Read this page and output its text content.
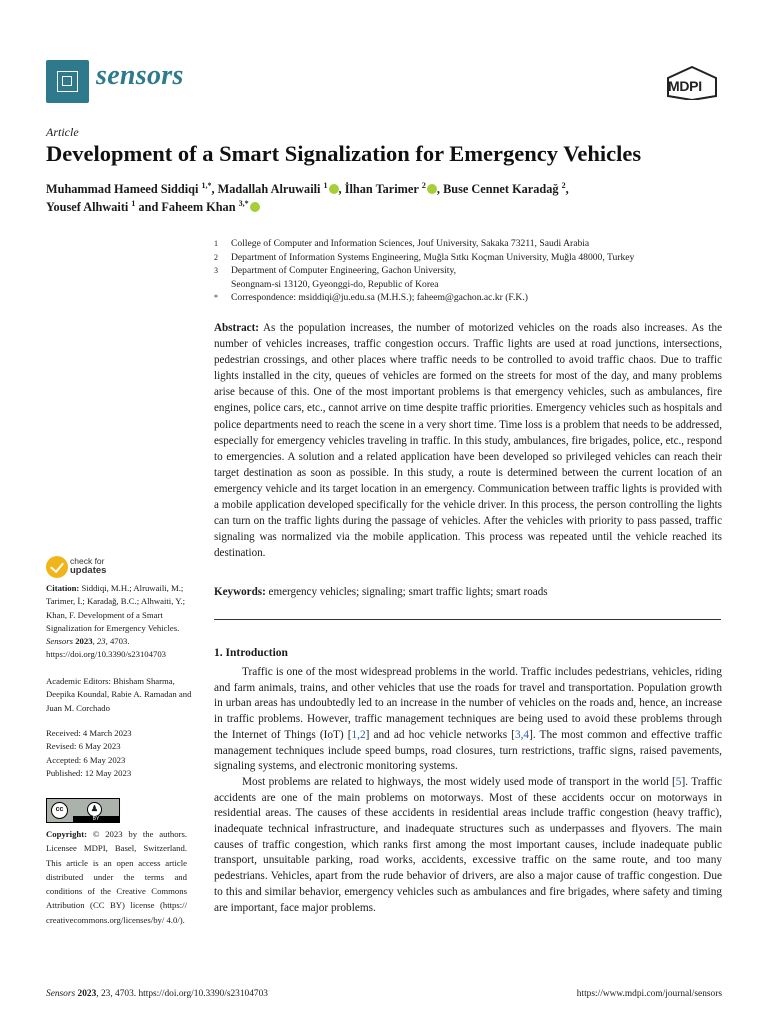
sensors	MDPI
Article
Development of a Smart Signalization for Emergency Vehicles
Muhammad Hameed Siddiqi $^{1,*}$, Madallah Alruwaili $^1$ , İlhan Tarimer $^2$ , Buse Cennet Karadağ $^2$,
Yousef Alhwaiti $^1$ and Faheem Khan $^{3,*}$
1	College of Computer and Information Sciences, Jouf University, Sakaka 73211, Saudi Arabia
2	Department of Information Systems Engineering, Muğla Sıtkı Koçman University, Muğla 48000, Turkey
3	Department of Computer Engineering, Gachon University,
Seongnam-si 13120, Gyeonggi-do, Republic of Korea
*	Correspondence: msiddiqi@ju.edu.sa (M.H.S.); faheem@gachon.ac.kr (F.K.)
Abstract: As the population increases, the number of motorized vehicles on the roads also increases. As the number of vehicles increases, traffic congestion occurs. Traffic lights are used at road junctions, intersections, pedestrian crossings, and other places where traffic needs to be controlled to avoid traffic chaos. Due to traffic lights installed in the city, queues of vehicles are formed on the streets for most of the day, and many problems arise because of this. One of the most important problems is that emergency vehicles, such as ambulances, fire engines, police cars, etc., cannot arrive on time despite traffic priorities. Emergency vehicles such as hospitals and police departments need to reach the scene in a very short time. Time loss is a problem that needs to be addressed, especially for emergency vehicles traveling in traffic. In this study, ambulances, fire brigades, police, etc., respond to emergencies. A solution and a related application have been developed so privileged vehicles can reach their target destination as soon as possible. In this study, a route is determined between the current location of an emergency vehicle and its target location in an emergency. Communication between traffic lights is provided with a mobile application developed specifically for the vehicle driver. In this process, the person controlling the lights can turn on the traffic lights during the passage of vehicles. After the vehicles with priority to pass passed, traffic signaling was normalized via the mobile application. This process was repeated until the vehicle reached its destination.
Keywords: emergency vehicles; signaling; smart traffic lights; smart roads
check for
updates
Citation: Siddiqi, M.H.; Alruwaili, M.; Tarimer, İ.; Karadağ, B.C.; Alhwaiti, Y.; Khan, F. Development of a Smart Signalization for Emergency Vehicles. Sensors 2023, 23, 4703. https://doi.org/10.3390/s23104703
Academic Editors: Bhisham Sharma, Deepika Koundal, Rabie A. Ramadan and Juan M. Corchado
Received: 4 March 2023
Revised: 6 May 2023
Accepted: 6 May 2023
Published: 12 May 2023
cc	♟
BY
Copyright: © 2023 by the authors. Licensee MDPI, Basel, Switzerland. This article is an open access article distributed under the terms and conditions of the Creative Commons Attribution (CC BY) license (https:// creativecommons.org/licenses/by/ 4.0/).
1. Introduction

Traffic is one of the most widespread problems in the world. Traffic includes pedestrians, vehicles, riding and farm animals, trains, and other vehicles that use the roads for travel and transportation. Population growth in urban areas has undoubtedly led to an increase in the number of vehicles on the roads and, hence, an increase in traffic problems. However, traffic management techniques are being used to avoid these problems through the Internet of Things (IoT) [1,2] and ad hoc vehicle networks [3,4]. The most common and effective traffic management techniques include speed bumps, road closures, turn restrictions, traffic signs, raised pavements, signaling systems, and electronic monitoring systems.

Most problems are related to highways, the most widely used mode of transport in the world [5]. Traffic accidents are one of the main problems on motorways. Most of these accidents occur on motorways in residential areas. The causes of these accidents in residential areas include traffic congestion (heavy traffic), inadequate technical infrastructure, and inadequate structures such as underpasses and flyovers. The main causes of traffic congestion, which ranks first among the most important causes, include inadequate public transport, unsuitable parking, road works, accidents, excessive traffic on the same route, and too many pedestrians. Vehicles, apart from the rude behavior of drivers, are also a major cause of traffic congestion. Due to this and similar behavior, emergency vehicles such as ambulances and fire brigades, where safety and timing are important, face major problems.

Sensors 2023, 23, 4703. https://doi.org/10.3390/s23104703	https://www.mdpi.com/journal/sensors
